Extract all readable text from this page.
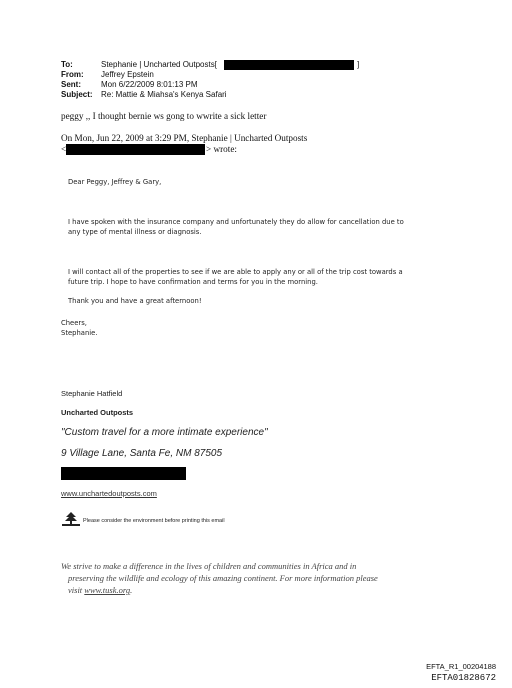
To:	Stephanie | Uncharted Outposts[	]
From: Jeffrey Epstein
Sent:	Mon 6/22/2009 8:01:13 PM
Subject: Re: Mattie & Miahsa's Kenya Safari
peggy ,, I thought bernie ws gong to wwrite a sick letter
On Mon, Jun 22, 2009 at 3:29 PM, Stephanie | Uncharted Outposts
<	> wrote:
Dear Peggy, Jeffrey & Gary,
I have spoken with the insurance company and unfortunately they do allow for cancellation due to
any type of mental illness or diagnosis.
I will contact all of the properties to see if we are able to apply any or all of the trip cost towards a
future trip. I hope to have confirmation and terms for you in the morning.
Thank you and have a great afternoon!
Cheers,
Stephanie.
Stephanie Hatfield
Uncharted Outposts
"Custom travel for a more intimate experience"
9 Village Lane, Santa Fe, NM 87505
www.unchartedoutposts.com
Please consider the environment before printing this email
We strive to make a difference in the lives of children and communities in Africa and in
preserving the wildlife and ecology of this amazing continent. For more information please
visit www.tusk.org.
EFTA_R1_00204188
EFTA01828672
